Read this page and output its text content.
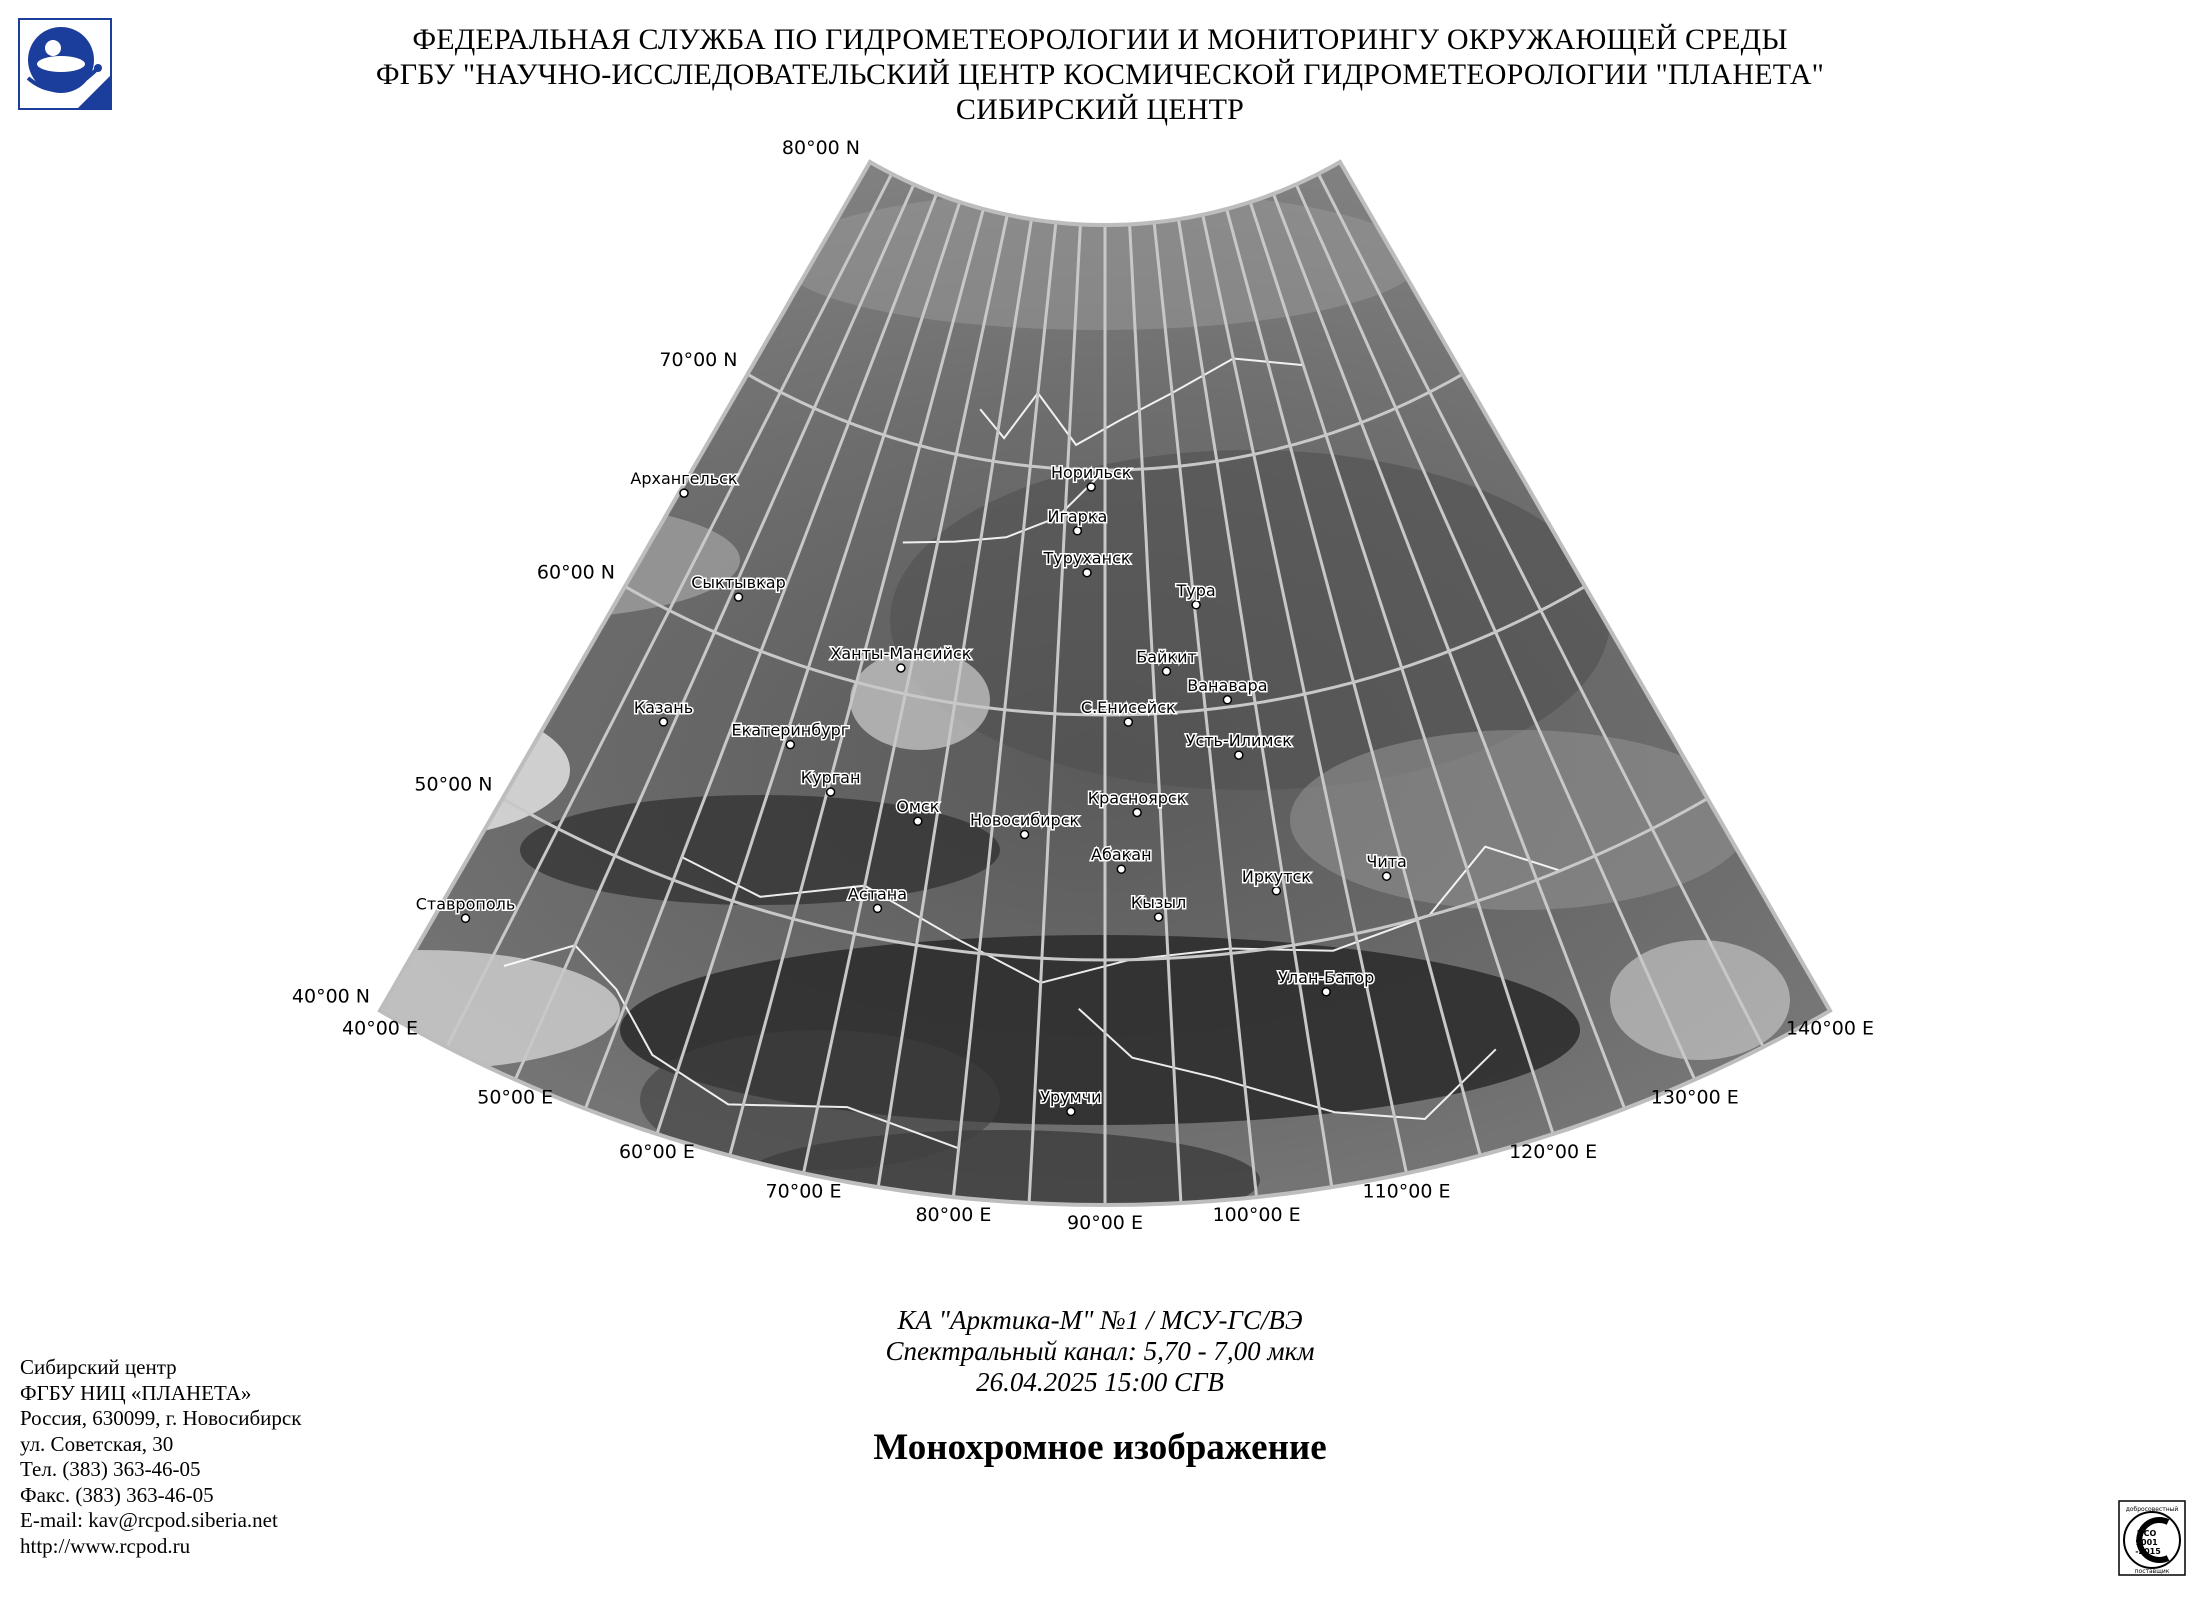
ФЕДЕРАЛЬНАЯ СЛУЖБА ПО ГИДРОМЕТЕОРОЛОГИИ И МОНИТОРИНГУ ОКРУЖАЮЩЕЙ СРЕДЫ
ФГБУ "НАУЧНО-ИССЛЕДОВАТЕЛЬСКИЙ ЦЕНТР КОСМИЧЕСКОЙ ГИДРОМЕТЕОРОЛОГИИ "ПЛАНЕТА"
СИБИРСКИЙ ЦЕНТР
Архангельск
Сыктывкар
Казань
Ставрополь
Екатеринбург
Курган
Ханты-Мансийск
Омск
Астана
Новосибирск
Норильск
Игарка
Туруханск
Тура
Байкит
Ванавара
С.Енисейск
Усть-Илимск
Красноярск
Абакан
Кызыл
Иркутск
Чита
Улан-Батор
Урумчи
80°00 N
70°00 N
60°00 N
50°00 N
40°00 N
40°00 E
50°00 E
60°00 E
70°00 E
80°00 E	90°00 E	100°00 E
110°00 E
120°00 E
130°00 E
140°00 E
КА "Арктика-М" №1 / МСУ-ГС/ВЭ
Спектральный канал: 5,70 - 7,00 мкм
26.04.2025 15:00 СГВ
Монохромное изображение
Сибирский центр
ФГБУ НИЦ «ПЛАНЕТА»
Россия, 630099, г. Новосибирск
ул. Советская, 30
Тел. (383) 363-46-05
Факс. (383) 363-46-05
E-mail: kav@rcpod.siberia.net
http://www.rcpod.ru
добросовестный
ИСО 9001 -2015
поставщик
